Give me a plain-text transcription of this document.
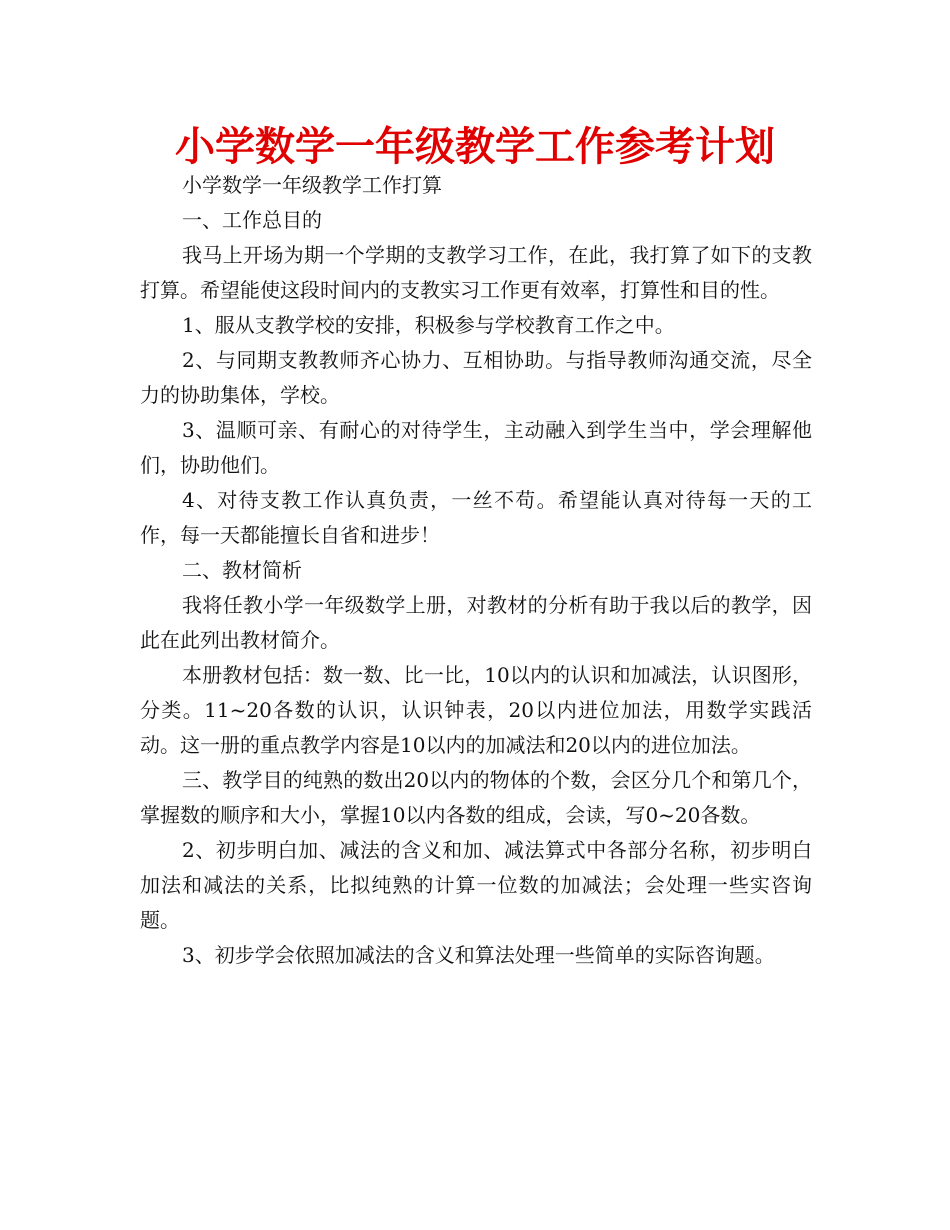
小学数学一年级教学工作参考计划

小学数学一年级教学工作打算

一、工作总目的

我马上开场为期一个学期的支教学习工作，在此，我打算了如下的支教打算。希望能使这段时间内的支教实习工作更有效率，打算性和目的性。

1、服从支教学校的安排，积极参与学校教育工作之中。

2、与同期支教教师齐心协力、互相协助。与指导教师沟通交流，尽全力的协助集体，学校。

3、温顺可亲、有耐心的对待学生，主动融入到学生当中，学会理解他们，协助他们。

4、对待支教工作认真负责，一丝不苟。希望能认真对待每一天的工作，每一天都能擅长自省和进步！

二、教材简析

我将任教小学一年级数学上册，对教材的分析有助于我以后的教学，因此在此列出教材简介。

本册教材包括：数一数、比一比，10以内的认识和加减法，认识图形，分类。11~20各数的认识，认识钟表，20以内进位加法，用数学实践活动。这一册的重点教学内容是10以内的加减法和20以内的进位加法。

三、教学目的纯熟的数出20以内的物体的个数，会区分几个和第几个，掌握数的顺序和大小，掌握10以内各数的组成，会读，写0~20各数。

2、初步明白加、减法的含义和加、减法算式中各部分名称，初步明白加法和减法的关系，比拟纯熟的计算一位数的加减法；会处理一些实咨询题。

3、初步学会依照加减法的含义和算法处理一些简单的实际咨询题。
